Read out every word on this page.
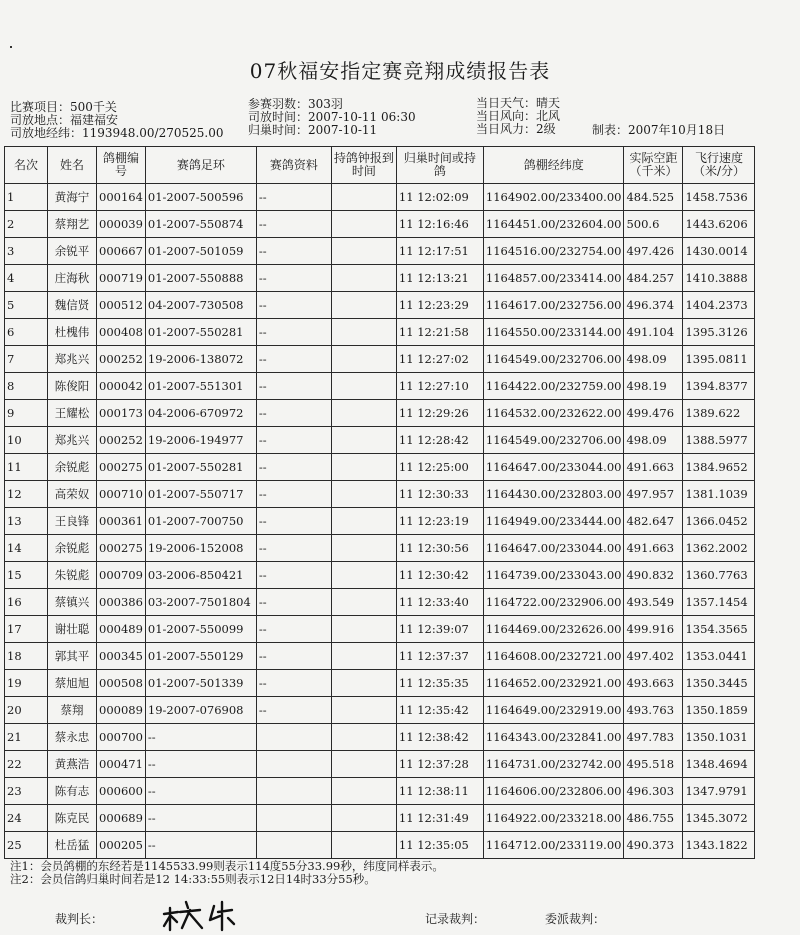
07秋福安指定赛竞翔成绩报告表
比赛项目：500千关
司放地点：福建福安
司放地经纬：1193948.00/270525.00
参赛羽数：303羽
司放时间：2007-10-11 06:30
归巢时间：2007-10-11
当日天气：晴天
当日风向：北风
当日风力：2级	制表：2007年10月18日
名次	姓名	鸽棚编号	赛鸽足环	赛鸽资料	持鸽钟报到时间	归巢时间或持鸽	鸽棚经纬度	实际空距（千米）	飞行速度（米/分）
1	黄海宁	000164	01-2007-500596	--		11 12:02:09	1164902.00/233400.00	484.525	1458.7536
2	蔡翔艺	000039	01-2007-550874	--		11 12:16:46	1164451.00/232604.00	500.6	1443.6206
3	余锐平	000667	01-2007-501059	--		11 12:17:51	1164516.00/232754.00	497.426	1430.0014
4	庄海秋	000719	01-2007-550888	--		11 12:13:21	1164857.00/233414.00	484.257	1410.3888
5	魏信贤	000512	04-2007-730508	--		11 12:23:29	1164617.00/232756.00	496.374	1404.2373
6	杜槐伟	000408	01-2007-550281	--		11 12:21:58	1164550.00/233144.00	491.104	1395.3126
7	郑兆兴	000252	19-2006-138072	--		11 12:27:02	1164549.00/232706.00	498.09	1395.0811
8	陈俊阳	000042	01-2007-551301	--		11 12:27:10	1164422.00/232759.00	498.19	1394.8377
9	王耀松	000173	04-2006-670972	--		11 12:29:26	1164532.00/232622.00	499.476	1389.622
10	郑兆兴	000252	19-2006-194977	--		11 12:28:42	1164549.00/232706.00	498.09	1388.5977
11	余锐彪	000275	01-2007-550281	--		11 12:25:00	1164647.00/233044.00	491.663	1384.9652
12	高荣奴	000710	01-2007-550717	--		11 12:30:33	1164430.00/232803.00	497.957	1381.1039
13	王良锋	000361	01-2007-700750	--		11 12:23:19	1164949.00/233444.00	482.647	1366.0452
14	余锐彪	000275	19-2006-152008	--		11 12:30:56	1164647.00/233044.00	491.663	1362.2002
15	朱锐彪	000709	03-2006-850421	--		11 12:30:42	1164739.00/233043.00	490.832	1360.7763
16	蔡镇兴	000386	03-2007-7501804	--		11 12:33:40	1164722.00/232906.00	493.549	1357.1454
17	谢壮聪	000489	01-2007-550099	--		11 12:39:07	1164469.00/232626.00	499.916	1354.3565
18	郭其平	000345	01-2007-550129	--		11 12:37:37	1164608.00/232721.00	497.402	1353.0441
19	蔡旭旭	000508	01-2007-501339	--		11 12:35:35	1164652.00/232921.00	493.663	1350.3445
20	蔡翔	000089	19-2007-076908	--		11 12:35:42	1164649.00/232919.00	493.763	1350.1859
21	蔡永忠	000700	--			11 12:38:42	1164343.00/232841.00	497.783	1350.1031
22	黄燕浩	000471	--			11 12:37:28	1164731.00/232742.00	495.518	1348.4694
23	陈有志	000600	--			11 12:38:11	1164606.00/232806.00	496.303	1347.9791
24	陈克民	000689	--			11 12:31:49	1164922.00/233218.00	486.755	1345.3072
25	杜岳猛	000205	--			11 12:35:05	1164712.00/233119.00	490.373	1343.1822
注1：会员鸽棚的东经若是1145533.99则表示114度55分33.99秒，纬度同样表示。
注2：会员信鸽归巢时间若是12 14:33:55则表示12日14时33分55秒。
裁判长：	记录裁判：	委派裁判：
